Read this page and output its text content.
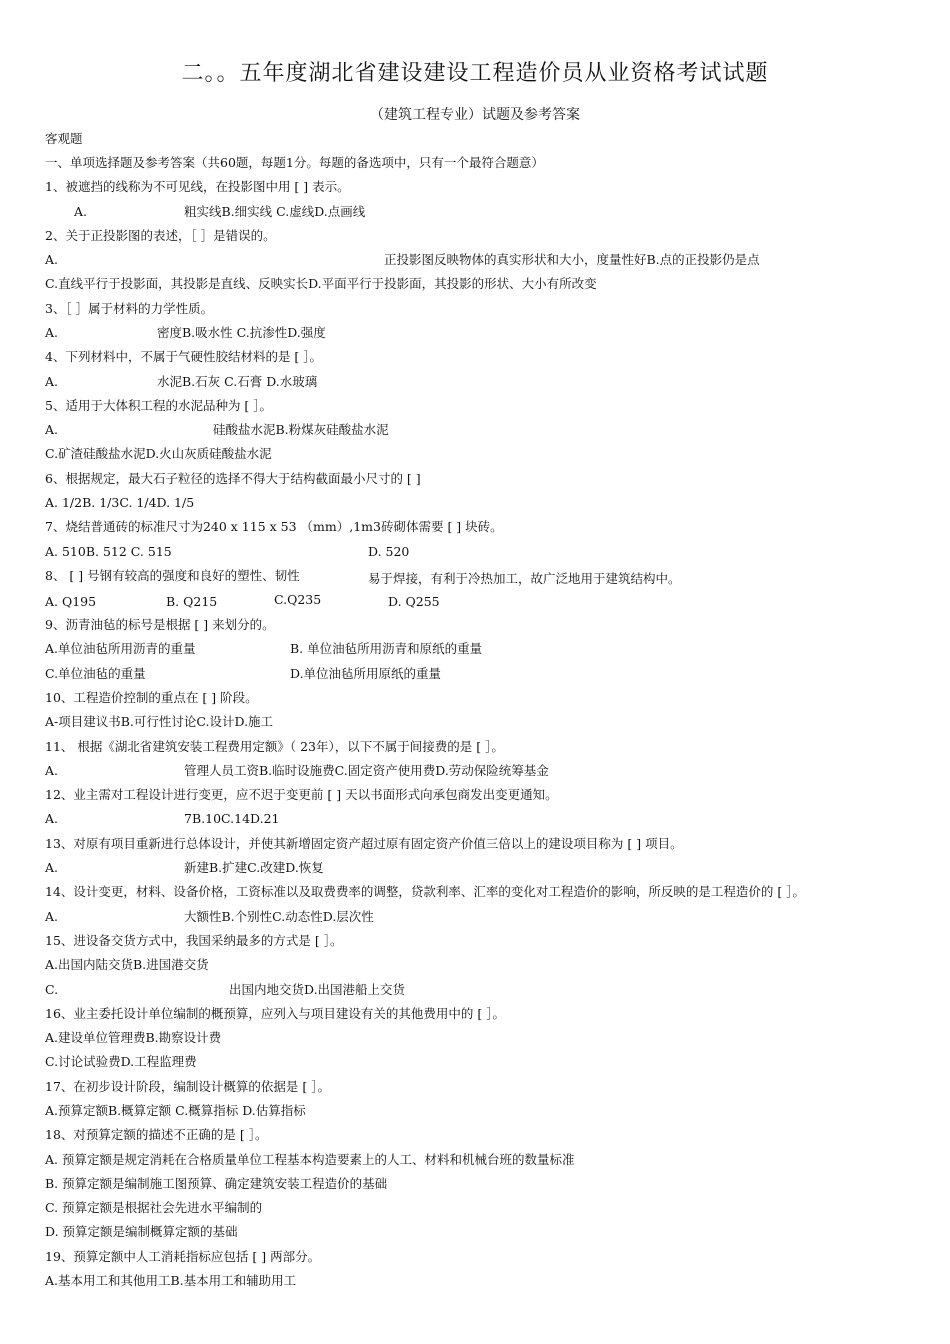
二。。五年度湖北省建设建设工程造价员从业资格考试试题
（建筑工程专业）试题及参考答案
客观题
一、单项选择题及参考答案（共60题，每题1分。每题的备选项中，只有一个最符合题意）
1、被遮挡的线称为不可见线，在投影图中用 [ ] 表示。
A.	粗实线B.细实线 C.虚线D.点画线
2、关于正投影图的表述，［ ］是错误的。
A.	正投影图反映物体的真实形状和大小，度量性好B.点的正投影仍是点
C.直线平行于投影面，其投影是直线、反映实长D.平面平行于投影面，其投影的形状、大小有所改变
3、［ ］属于材料的力学性质。
A.	密度B.吸水性 C.抗渗性D.强度
4、下列材料中，不属于气硬性胶结材料的是 [ ］。
A.	水泥B.石灰 C.石膏 D.水玻璃
5、适用于大体积工程的水泥品种为 [ ］。
A.	硅酸盐水泥B.粉煤灰硅酸盐水泥
C.矿渣硅酸盐水泥D.火山灰质硅酸盐水泥
6、根据规定，最大石子粒径的选择不得大于结构截面最小尺寸的 [ ]
A. 1/2B. 1/3C. 1/4D. 1/5
7、烧结普通砖的标准尺寸为240 x 115 x 53 （mm）,1m3砖砌体需要 [ ] 块砖。
A. 510B. 512 C. 515	D. 520
8、 [ ] 号钢有较高的强度和良好的塑性、韧性	易于焊接，有利于冷热加工，故广泛地用于建筑结构中。
A. Q195	B. Q215	C.Q235	D. Q255
9、沥青油毡的标号是根据 [ ] 来划分的。
A.单位油毡所用沥青的重量	B. 单位油毡所用沥青和原纸的重量
C.单位油毡的重量	D.单位油毡所用原纸的重量
10、工程造价控制的重点在 [ ] 阶段。
A-项目建议书B.可行性讨论C.设计D.施工
11、 根据《湖北省建筑安装工程费用定额》（ 23年），以下不属于间接费的是 [ ］。
A.	管理人员工资B.临时设施费C.固定资产使用费D.劳动保险统筹基金
12、业主需对工程设计进行变更，应不迟于变更前 [ ] 天以书面形式向承包商发出变更通知。
A.	7B.10C.14D.21
13、对原有项目重新进行总体设计，并使其新增固定资产超过原有固定资产价值三倍以上的建设项目称为 [ ] 项目。
A.	新建B.扩建C.改建D.恢复
14、设计变更，材料、设备价格，工资标准以及取费费率的调整，贷款利率、汇率的变化对工程造价的影响，所反映的是工程造价的 [ ］。
A.	大额性B.个别性C.动态性D.层次性
15、进设备交货方式中，我国采纳最多的方式是 [ ］。
A.出国内陆交货B.进国港交货
C.	出国内地交货D.出国港船上交货
16、业主委托设计单位编制的概预算，应列入与项目建设有关的其他费用中的 [ ］。
A.建设单位管理费B.勘察设计费
C.讨论试验费D.工程监理费
17、在初步设计阶段，编制设计概算的依据是 [ ］。
A.预算定额B.概算定额 C.概算指标 D.估算指标
18、对预算定额的描述不正确的是 [ ］。
A. 预算定额是规定消耗在合格质量单位工程基本构造要素上的人工、材料和机械台班的数量标准
B. 预算定额是编制施工图预算、确定建筑安装工程造价的基础
C. 预算定额是根据社会先进水平编制的
D. 预算定额是编制概算定额的基础
19、预算定额中人工消耗指标应包括 [ ] 两部分。
A.基本用工和其他用工B.基本用工和辅助用工
